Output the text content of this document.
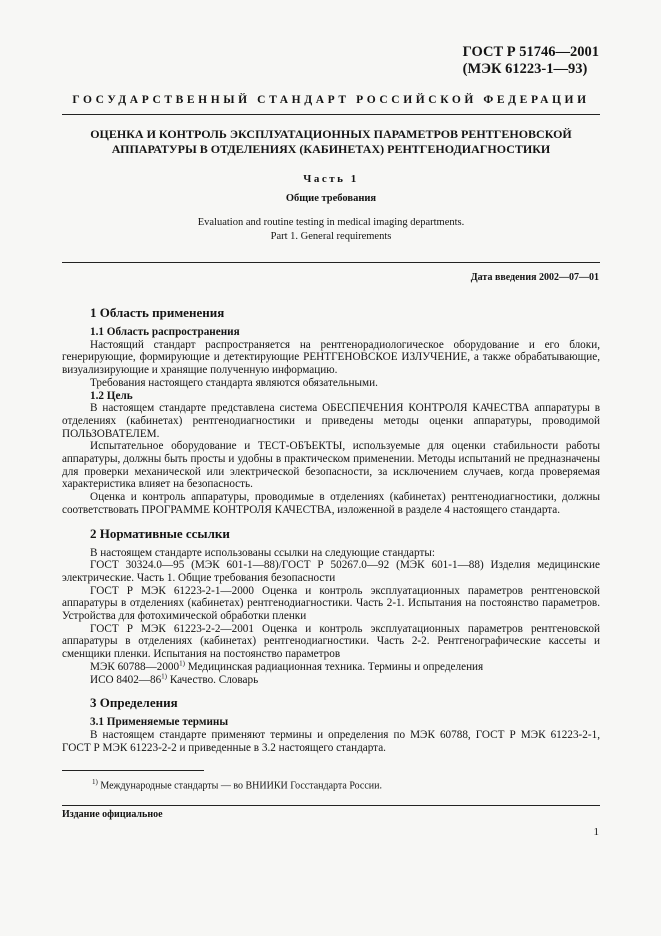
ГОСТ Р 51746—2001
(МЭК 61223-1—93)
ГОСУДАРСТВЕННЫЙ СТАНДАРТ РОССИЙСКОЙ ФЕДЕРАЦИИ
ОЦЕНКА И КОНТРОЛЬ ЭКСПЛУАТАЦИОННЫХ ПАРАМЕТРОВ РЕНТГЕНОВСКОЙ
АППАРАТУРЫ В ОТДЕЛЕНИЯХ (КАБИНЕТАХ) РЕНТГЕНОДИАГНОСТИКИ
Часть 1
Общие требования
Evaluation and routine testing in medical imaging departments.
Part 1. General requirements
Дата введения 2002—07—01
1 Область применения
1.1 Область распространения

Настоящий стандарт распространяется на рентгенорадиологическое оборудование и его блоки, генерирующие, формирующие и детектирующие РЕНТГЕНОВСКОЕ ИЗЛУЧЕНИЕ, а также обрабатывающие, визуализирующие и хранящие полученную информацию.

Требования настоящего стандарта являются обязательными.

1.2 Цель

В настоящем стандарте представлена система ОБЕСПЕЧЕНИЯ КОНТРОЛЯ КАЧЕСТВА аппаратуры в отделениях (кабинетах) рентгенодиагностики и приведены методы оценки аппаратуры, проводимой ПОЛЬЗОВАТЕЛЕМ.

Испытательное оборудование и ТЕСТ-ОБЪЕКТЫ, используемые для оценки стабильности работы аппаратуры, должны быть просты и удобны в практическом применении. Методы испытаний не предназначены для проверки механической или электрической безопасности, за исключением случаев, когда проверяемая характеристика влияет на безопасность.

Оценка и контроль аппаратуры, проводимые в отделениях (кабинетах) рентгенодиагностики, должны соответствовать ПРОГРАММЕ КОНТРОЛЯ КАЧЕСТВА, изложенной в разделе 4 настоящего стандарта.

2 Нормативные ссылки

В настоящем стандарте использованы ссылки на следующие стандарты:

ГОСТ 30324.0—95 (МЭК 601-1—88)/ГОСТ Р 50267.0—92 (МЭК 601-1—88) Изделия медицинские электрические. Часть 1. Общие требования безопасности

ГОСТ Р МЭК 61223-2-1—2000 Оценка и контроль эксплуатационных параметров рентгеновской аппаратуры в отделениях (кабинетах) рентгенодиагностики. Часть 2-1. Испытания на постоянство параметров. Устройства для фотохимической обработки пленки

ГОСТ Р МЭК 61223-2-2—2001 Оценка и контроль эксплуатационных параметров рентгеновской аппаратуры в отделениях (кабинетах) рентгенодиагностики. Часть 2-2. Рентгенографические кассеты и сменщики пленки. Испытания на постоянство параметров

МЭК 60788—2000$^{1)}$ Медицинская радиационная техника. Термины и определения

ИСО 8402—86$^{1)}$ Качество. Словарь

3 Определения
3.1 Применяемые термины

В настоящем стандарте применяют термины и определения по МЭК 60788, ГОСТ Р МЭК 61223-2-1, ГОСТ Р МЭК 61223-2-2 и приведенные в 3.2 настоящего стандарта.

$^{1)}$ Международные стандарты — во ВНИИКИ Госстандарта России.
Издание официальное
1
